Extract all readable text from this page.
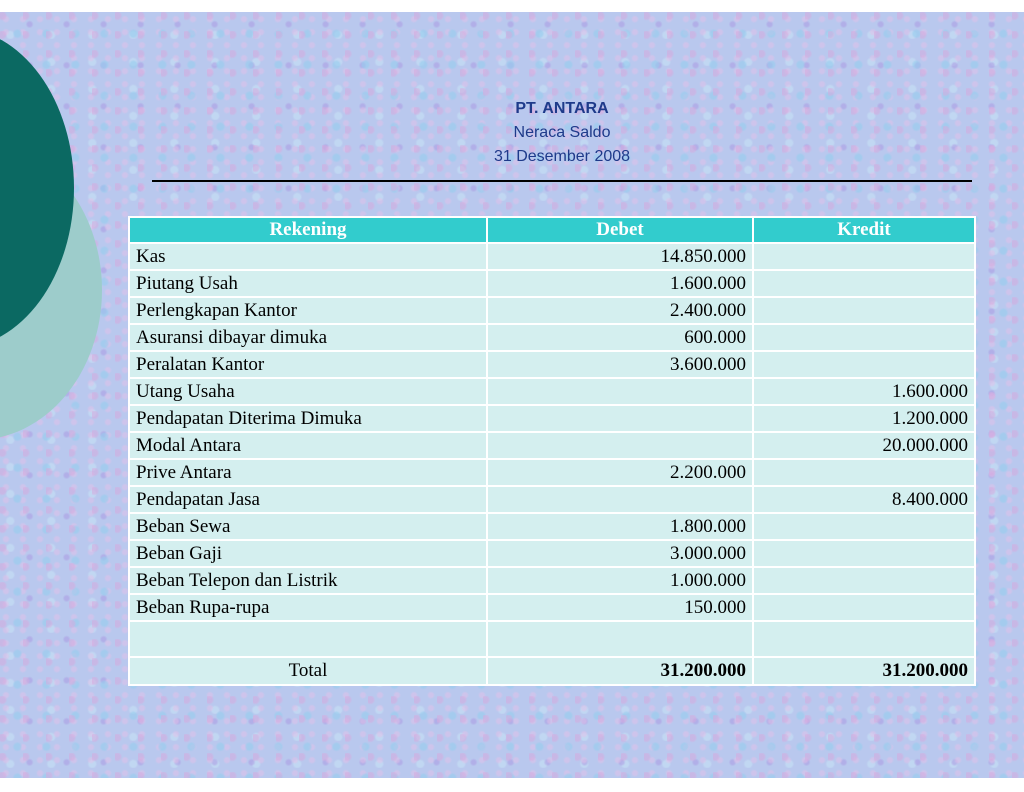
PT. ANTARA
Neraca Saldo
31 Desember 2008
Rekening	Debet	Kredit
Kas	14.850.000	
Piutang Usah	1.600.000	
Perlengkapan Kantor	2.400.000	
Asuransi dibayar dimuka	600.000	
Peralatan Kantor	3.600.000	
Utang Usaha		1.600.000
Pendapatan Diterima Dimuka		1.200.000
Modal Antara		20.000.000
Prive Antara	2.200.000	
Pendapatan Jasa		8.400.000
Beban Sewa	1.800.000	
Beban Gaji	3.000.000	
Beban Telepon dan Listrik	1.000.000	
Beban Rupa-rupa	150.000	

Total	31.200.000	31.200.000
